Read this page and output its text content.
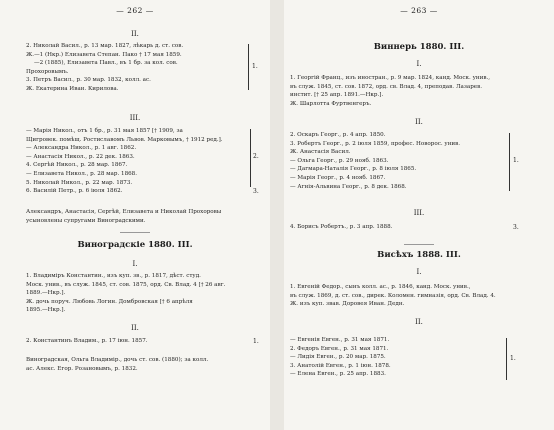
— 262 —
II.
2. Николай Васил., р. 13 мар. 1827, лѣкарь д. ст. сов.
Ж.—1 (Нкр.) Елизавета Степан. Пако † 17 мая 1859.
—2 (1885), Елизавета Павл., въ 1 бр. за кол. сов.
Прохоровымъ.
3. Петръ Васил., р. 30 мар. 1832, колл. ас.
Ж. Екатерина Иван. Кирилова.
1.
III.
— Марія Никол., отъ 1 бр., р. 31 мая 1857 [† 1909, за
Щигровек. помѣщ. Ростиславомъ Львов. Марковымъ, † 1912 ред.].
— Александра Никол., р. 1 авг. 1862.
— Анастасія Никол., р. 22 дек. 1863.
4. Сергѣй Никол., р. 28 мар. 1867.
— Елизавета Никол., р. 28 мар. 1868.
5. Николай Никол., р. 22 мар. 1873.
6. Василій Петр., р. 6 іюля 1862.
2.
3.
Александръ, Анастасія, Сергѣй, Елизавета и Николай Прохоровы
усыновлены супругами Виноградскими.
Виноградскіе 1880. III.
I.
1. Владиміръ Константин., изъ куп. зв., р. 1817, дѣст. студ.
Моск. унив., въ служ. 1845, ст. сов. 1875, орд. Св. Влад. 4 [† 26 авг.
1889.—Нкр.].
Ж. дочь поруч. Любовь Логин. Домбровская [† 6 апрѣля
1895.—Нкр.].
II.
2. Константинъ Владим., р. 17 іюн. 1857.	1.
Виноградская, Ольга Владимір., дочь ст. сов. (1880); за колл.
ас. Алекс. Егор. Розановымъ, р. 1832.
— 263 —
Виннерь 1880. III.
I.
1. Георгій Франц., изъ иностран., р. 9 мар. 1824, канд. Моск. унив.,
въ служ. 1845, ст. сов. 1872, орд. св. Влад. 4, преподав. Лазарев.
инстит. [† 25 апр. 1891.—Нкр.].
Ж. Шарлотта Фуртвенгеръ.
II.
2. Оскаръ Георг., р. 4 апр. 1850.
3. Робертъ Георг., р. 2 іюля 1859, профес. Новорос. унив.
Ж. Анастасія Васил.
— Ольга Георг., р. 29 нояб. 1863.
— Дагмара-Наталія Георг., р. 8 іюля 1865.
— Марія Георг., р. 4 нояб. 1867.
— Агнія-Альвина Георг., р. 8 дек. 1868.
1.
III.
4. Борисъ Робертъ., р. 3 апр. 1888.	3.
Висѣхъ 1888. III.
I.
1. Евгеній Федор., сынъ колл. ас., р. 1846, канд. Моск. унив.,
въ служ. 1869, д. ст. сов., дирек. Коломен. гимназія, орд. Св. Влад. 4.
Ж. изъ куп. звав. Доровея Иван. Дедн.
II.
— Евгенія Евген., р. 31 мая 1871.
2. Федоръ Евген., р. 31 мая 1871.
— Лидія Евген., р. 20 мар. 1875.
3. Анатолій Евген., р. 1 іюн. 1878.
— Елена Евген., р. 25 апр. 1883.
1.
